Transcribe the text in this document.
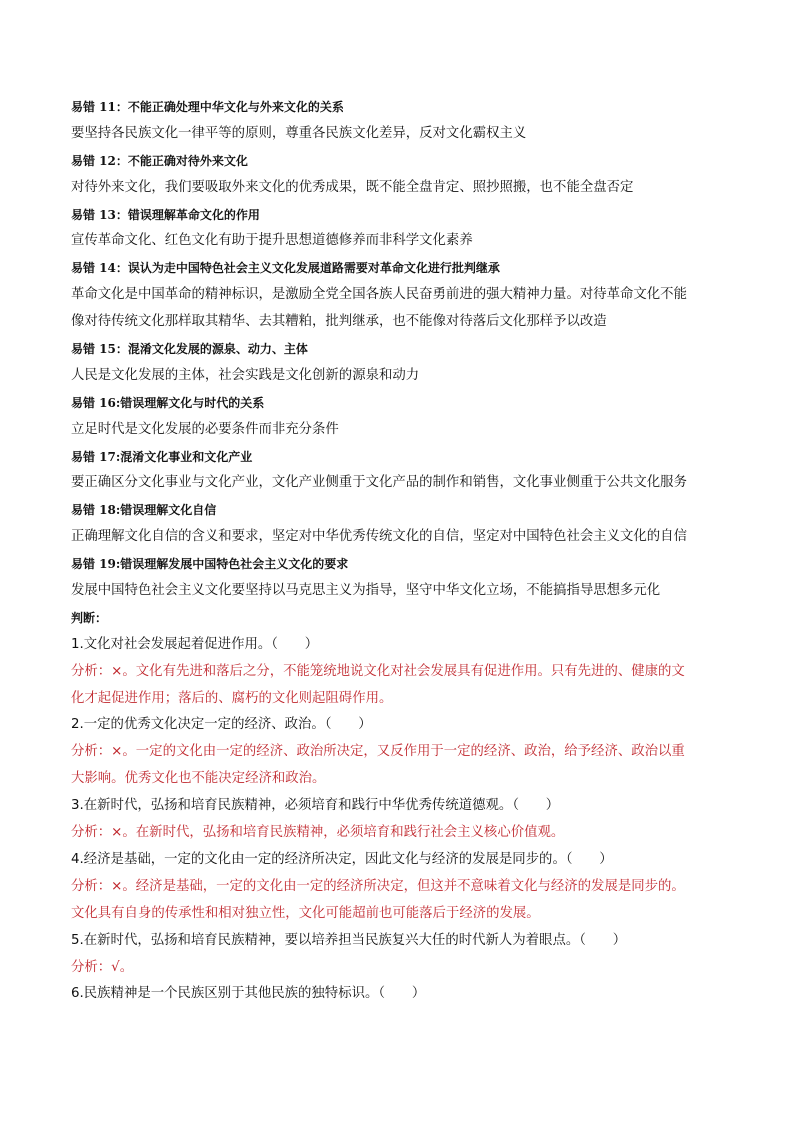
易错 11：不能正确处理中华文化与外来文化的关系
要坚持各民族文化一律平等的原则，尊重各民族文化差异，反对文化霸权主义
易错 12：不能正确对待外来文化
对待外来文化，我们要吸取外来文化的优秀成果，既不能全盘肯定、照抄照搬，也不能全盘否定
易错 13：错误理解革命文化的作用
宣传革命文化、红色文化有助于提升思想道德修养而非科学文化素养
易错 14：误认为走中国特色社会主义文化发展道路需要对革命文化进行批判继承
革命文化是中国革命的精神标识，是激励全党全国各族人民奋勇前进的强大精神力量。对待革命文化不能
像对待传统文化那样取其精华、去其糟粕，批判继承，也不能像对待落后文化那样予以改造
易错 15：混淆文化发展的源泉、动力、主体
人民是文化发展的主体，社会实践是文化创新的源泉和动力
易错 16:错误理解文化与时代的关系
立足时代是文化发展的必要条件而非充分条件
易错 17:混淆文化事业和文化产业
要正确区分文化事业与文化产业，文化产业侧重于文化产品的制作和销售，文化事业侧重于公共文化服务
易错 18:错误理解文化自信
正确理解文化自信的含义和要求，坚定对中华优秀传统文化的自信，坚定对中国特色社会主义文化的自信
易错 19:错误理解发展中国特色社会主义文化的要求
发展中国特色社会主义文化要坚持以马克思主义为指导，坚守中华文化立场，不能搞指导思想多元化
判断：
1.文化对社会发展起着促进作用。（　　）
分析：×。文化有先进和落后之分，不能笼统地说文化对社会发展具有促进作用。只有先进的、健康的文
化才起促进作用；落后的、腐朽的文化则起阻碍作用。
2.一定的优秀文化决定一定的经济、政治。（　　）
分析：×。一定的文化由一定的经济、政治所决定，又反作用于一定的经济、政治，给予经济、政治以重
大影响。优秀文化也不能决定经济和政治。
3.在新时代，弘扬和培育民族精神，必须培育和践行中华优秀传统道德观。（　　）
分析：×。在新时代，弘扬和培育民族精神，必须培育和践行社会主义核心价值观。
4.经济是基础，一定的文化由一定的经济所决定，因此文化与经济的发展是同步的。（　　）
分析：×。经济是基础，一定的文化由一定的经济所决定，但这并不意味着文化与经济的发展是同步的。
文化具有自身的传承性和相对独立性，文化可能超前也可能落后于经济的发展。
5.在新时代，弘扬和培育民族精神，要以培养担当民族复兴大任的时代新人为着眼点。（　　）
分析：√。
6.民族精神是一个民族区别于其他民族的独特标识。（　　）
